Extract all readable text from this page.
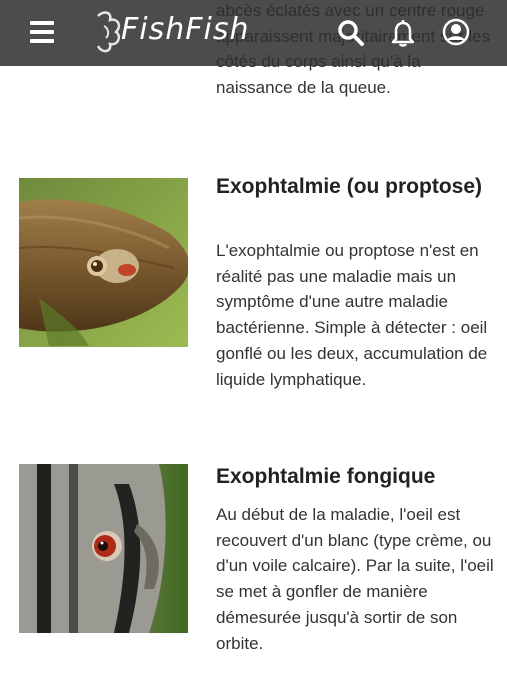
naissance de la queue.
Exophtalmie (ou proptose)

L'exophtalmie ou proptose n'est en réalité pas une maladie mais un symptôme d'une autre maladie bactérienne. Simple à détecter : oeil gonflé ou les deux, accumulation de liquide lymphatique.

Exophtalmie fongique

Au début de la maladie, l'oeil est recouvert d'un blanc (type crème, ou d'un voile calcaire). Par la suite, l'oeil se met à gonfler de manière démesurée jusqu'à sortir de son orbite.

FishFish
